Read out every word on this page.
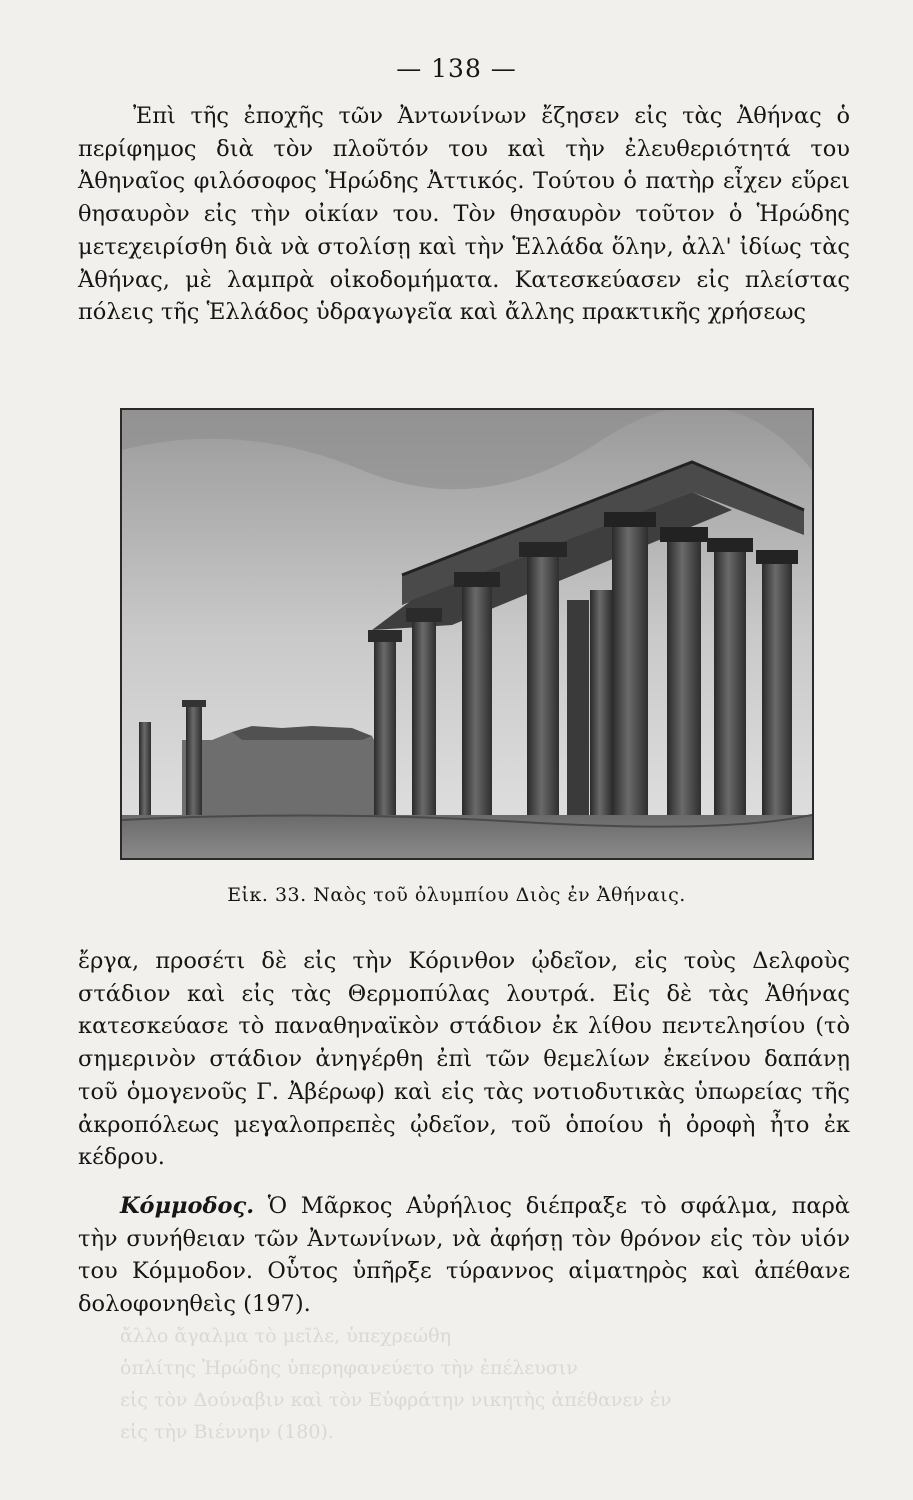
— 138 —

Ἐπὶ τῆς ἐποχῆς τῶν Ἀντωνίνων ἔζησεν εἰς τὰς Ἀθήνας ὁ περίφημος διὰ τὸν πλοῦτόν του καὶ τὴν ἐλευθεριότητά του Ἀθηναῖος φιλόσοφος Ἡρώδης Ἀττικός. Τούτου ὁ πατὴρ εἶχεν εὕρει θησαυρὸν εἰς τὴν οἰκίαν του. Τὸν θησαυρὸν τοῦτον ὁ Ἡρώδης μετεχειρίσθη διὰ νὰ στολίσῃ καὶ τὴν Ἑλλάδα ὅλην, ἀλλ' ἰδίως τὰς Ἀθήνας, μὲ λαμπρὰ οἰκοδομήματα. Κατεσκεύασεν εἰς πλείστας πόλεις τῆς Ἑλλάδος ὑδραγωγεῖα καὶ ἄλλης πρακτικῆς χρήσεως

Εἰκ. 33. Ναὸς τοῦ ὀλυμπίου Διὸς ἐν Ἀθήναις.

ἔργα, προσέτι δὲ εἰς τὴν Κόρινθον ᾠδεῖον, εἰς τοὺς Δελφοὺς στάδιον καὶ εἰς τὰς Θερμοπύλας λουτρά. Εἰς δὲ τὰς Ἀθήνας κατεσκεύασε τὸ παναθηναϊκὸν στάδιον ἐκ λίθου πεντελησίου (τὸ σημερινὸν στάδιον ἀνηγέρθη ἐπὶ τῶν θεμελίων ἐκείνου δαπάνῃ τοῦ ὁμογενοῦς Γ. Ἀβέρωφ) καὶ εἰς τὰς νοτιοδυτικὰς ὑπωρείας τῆς ἀκροπόλεως μεγαλοπρεπὲς ᾠδεῖον, τοῦ ὁποίου ἡ ὀροφὴ ἦτο ἐκ κέδρου.

Κόμμοδος. Ὁ Μᾶρκος Αὐρήλιος διέπραξε τὸ σφάλμα, παρὰ τὴν συνήθειαν τῶν Ἀντωνίνων, νὰ ἀφήσῃ τὸν θρόνον εἰς τὸν υἱόν του Κόμμοδον. Οὗτος ὑπῆρξε τύραννος αἱματηρὸς καὶ ἀπέθανε δολοφονηθεὶς (197).

ἄλλο ἄγαλμα τὸ μεῖλε, ὑπεχρεώθη
ὁπλίτης Ἡρώδης ὑπερηφανεύετο τὴν ἐπέλευσιν
εἰς τὸν Δούναβιν καὶ τὸν Εὐφράτην νικητὴς ἀπέθανεν ἐν
εἰς τὴν Βιέννην (180).
